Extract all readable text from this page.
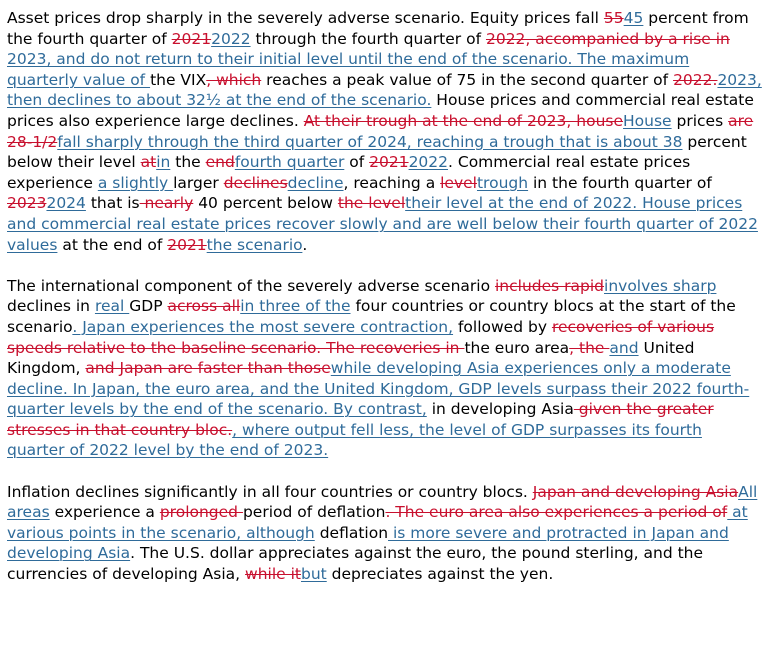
Asset prices drop sharply in the severely adverse scenario. Equity prices fall 5545 percent from the fourth quarter of 20212022 through the fourth quarter of 2022, accompanied by a rise in 2023, and do not return to their initial level until the end of the scenario. The maximum quarterly value of the VIX, which reaches a peak value of 75 in the second quarter of 2022.2023, then declines to about 32½ at the end of the scenario. House prices and commercial real estate prices also experience large declines. At their trough at the end of 2023, houseHouse prices are 28-1/2fall sharply through the third quarter of 2024, reaching a trough that is about 38 percent below their level atin the endfourth quarter of 20212022. Commercial real estate prices experience a slightly larger declinesdecline, reaching a leveltrough in the fourth quarter of 20232024 that is nearly 40 percent below the leveltheir level at the end of 2022. House prices and commercial real estate prices recover slowly and are well below their fourth quarter of 2022 values at the end of 2021the scenario.

The international component of the severely adverse scenario includes rapidinvolves sharp declines in real GDP across allin three of the four countries or country blocs at the start of the scenario. Japan experiences the most severe contraction, followed by recoveries of various speeds relative to the baseline scenario. The recoveries in the euro area, the and United Kingdom, and Japan are faster than thosewhile developing Asia experiences only a moderate decline. In Japan, the euro area, and the United Kingdom, GDP levels surpass their 2022 fourth-quarter levels by the end of the scenario. By contrast, in developing Asia given the greater stresses in that country bloc., where output fell less, the level of GDP surpasses its fourth quarter of 2022 level by the end of 2023.

Inflation declines significantly in all four countries or country blocs. Japan and developing AsiaAll areas experience a prolonged period of deflation. The euro area also experiences a period of at various points in the scenario, although deflation is more severe and protracted in Japan and developing Asia. The U.S. dollar appreciates against the euro, the pound sterling, and the currencies of developing Asia, while itbut depreciates against the yen.
